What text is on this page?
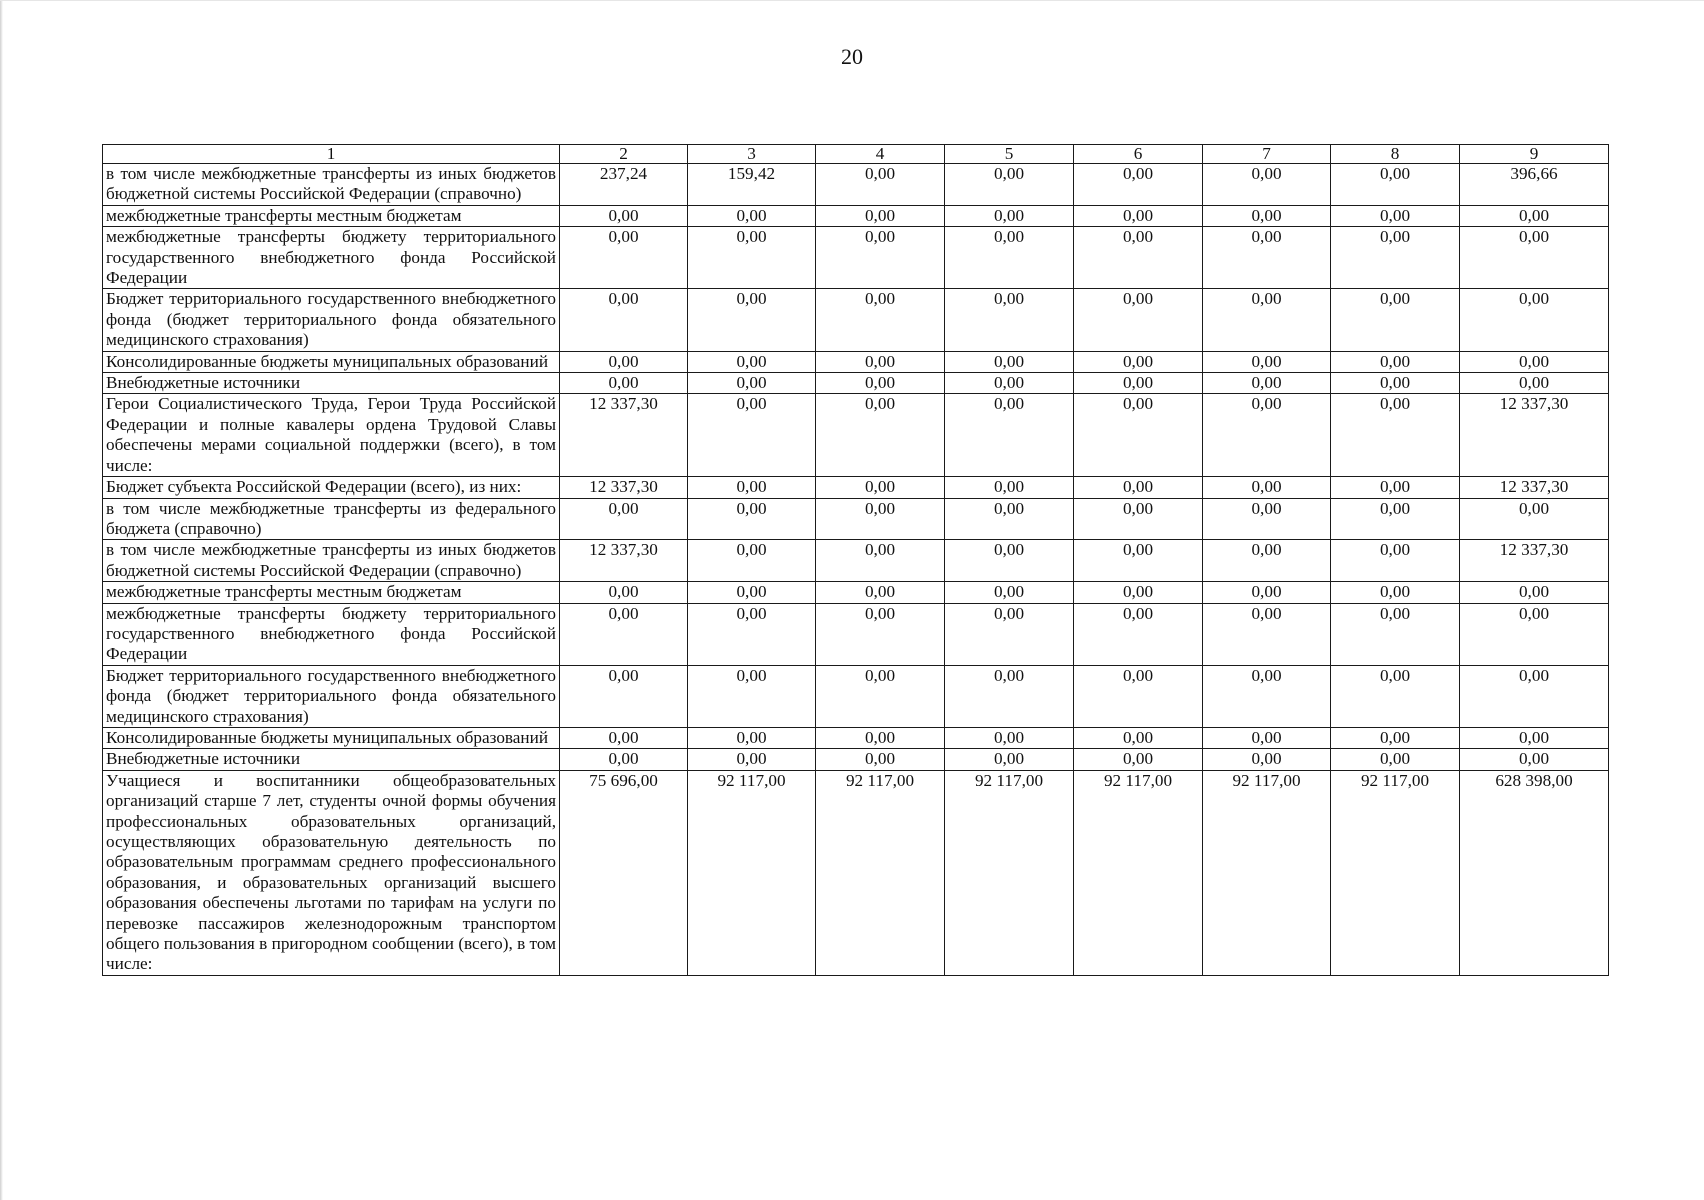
20
1	2	3	4	5	6	7	8	9
в том числе межбюджетные трансферты из иных бюджетов бюджетной системы Российской Федерации (справочно)	237,24	159,42	0,00	0,00	0,00	0,00	0,00	396,66
межбюджетные трансферты местным бюджетам	0,00	0,00	0,00	0,00	0,00	0,00	0,00	0,00
межбюджетные трансферты бюджету территориального государственного внебюджетного фонда Российской Федерации	0,00	0,00	0,00	0,00	0,00	0,00	0,00	0,00
Бюджет территориального государственного внебюджетного фонда (бюджет территориального фонда обязательного медицинского страхования)	0,00	0,00	0,00	0,00	0,00	0,00	0,00	0,00
Консолидированные бюджеты муниципальных образований	0,00	0,00	0,00	0,00	0,00	0,00	0,00	0,00
Внебюджетные источники	0,00	0,00	0,00	0,00	0,00	0,00	0,00	0,00
Герои Социалистического Труда, Герои Труда Российской Федерации и полные кавалеры ордена Трудовой Славы обеспечены мерами социальной поддержки (всего), в том числе:	12 337,30	0,00	0,00	0,00	0,00	0,00	0,00	12 337,30
Бюджет субъекта Российской Федерации (всего), из них:	12 337,30	0,00	0,00	0,00	0,00	0,00	0,00	12 337,30
в том числе межбюджетные трансферты из федерального бюджета (справочно)	0,00	0,00	0,00	0,00	0,00	0,00	0,00	0,00
в том числе межбюджетные трансферты из иных бюджетов бюджетной системы Российской Федерации (справочно)	12 337,30	0,00	0,00	0,00	0,00	0,00	0,00	12 337,30
межбюджетные трансферты местным бюджетам	0,00	0,00	0,00	0,00	0,00	0,00	0,00	0,00
межбюджетные трансферты бюджету территориального государственного внебюджетного фонда Российской Федерации	0,00	0,00	0,00	0,00	0,00	0,00	0,00	0,00
Бюджет территориального государственного внебюджетного фонда (бюджет территориального фонда обязательного медицинского страхования)	0,00	0,00	0,00	0,00	0,00	0,00	0,00	0,00
Консолидированные бюджеты муниципальных образований	0,00	0,00	0,00	0,00	0,00	0,00	0,00	0,00
Внебюджетные источники	0,00	0,00	0,00	0,00	0,00	0,00	0,00	0,00
Учащиеся и воспитанники общеобразовательных организаций старше 7 лет, студенты очной формы обучения профессиональных образовательных организаций, осуществляющих образовательную деятельность по образовательным программам среднего профессионального образования, и образовательных организаций высшего образования обеспечены льготами по тарифам на услуги по перевозке пассажиров железнодорожным транспортом общего пользования в пригородном сообщении (всего), в том числе:	75 696,00	92 117,00	92 117,00	92 117,00	92 117,00	92 117,00	92 117,00	628 398,00
